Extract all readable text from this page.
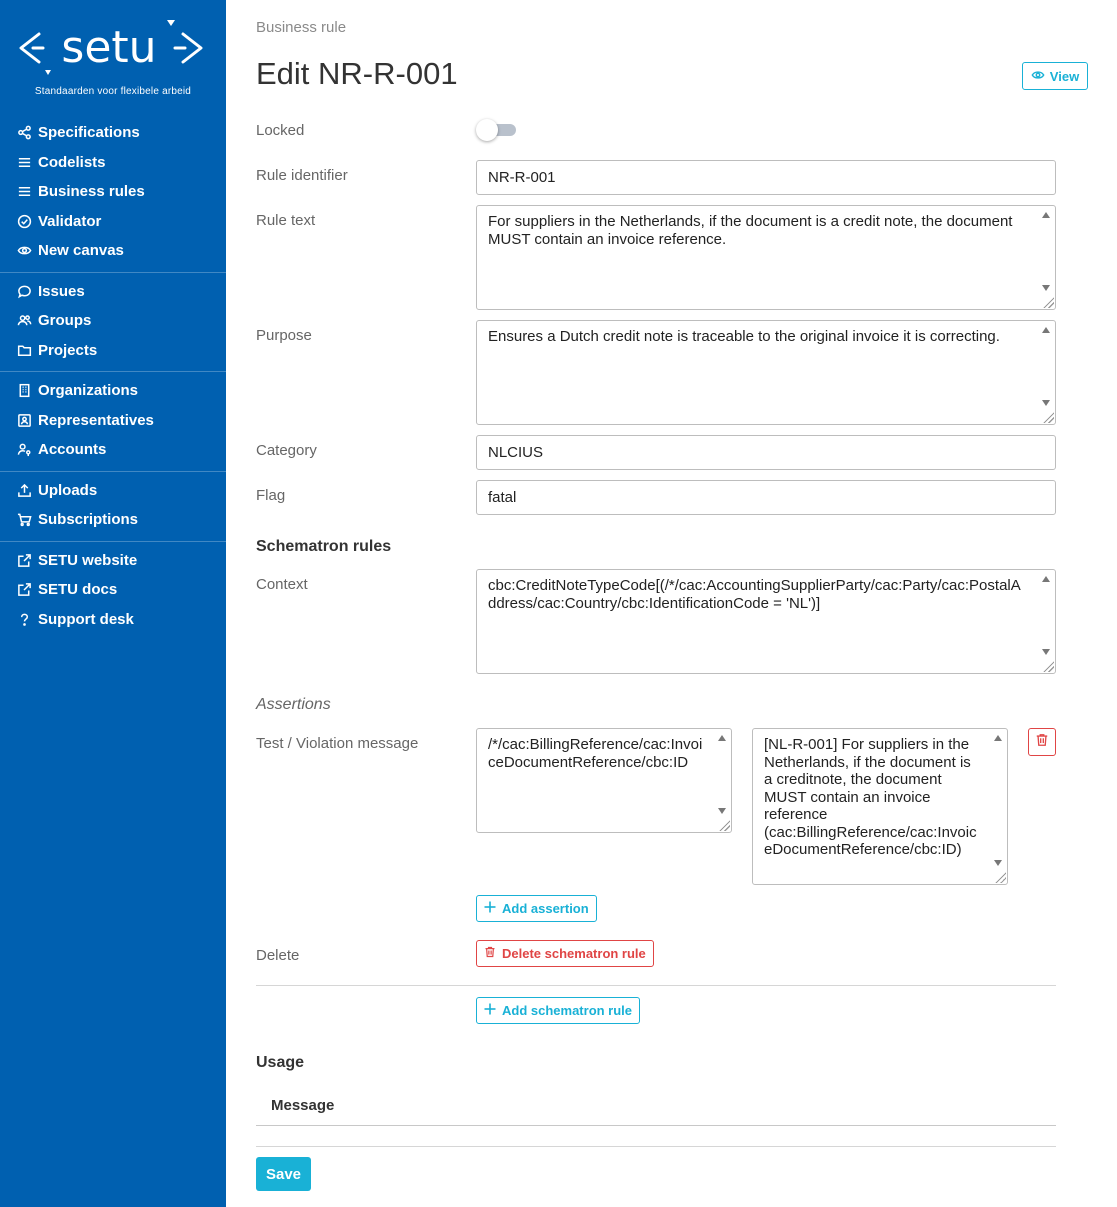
setu
Standaarden voor flexibele arbeid
Specifications
Codelists
Business rules
Validator
New canvas
Issues
Groups
Projects
Organizations
Representatives
Accounts
Uploads
Subscriptions
SETU website
SETU docs
Support desk
View
Business rule
Edit NR-R-001
Locked
Rule identifier	NR-R-001
Rule text	For suppliers in the Netherlands, if the document is a credit note, the document MUST contain an invoice reference.
Purpose	Ensures a Dutch credit note is traceable to the original invoice it is correcting.
Category	NLCIUS
Flag	fatal
Schematron rules
Context	cbc:CreditNoteTypeCode[(/*/cac:AccountingSupplierParty/cac:Party/cac:PostalAddress/cac:Country/cbc:IdentificationCode = 'NL')]
Assertions
Test / Violation message	/*/cac:BillingReference/cac:InvoiceDocumentReference/cbc:ID
[NL-R-001] For suppliers in the Netherlands, if the document is a creditnote, the document MUST contain an invoice reference (cac:BillingReference/cac:InvoiceDocumentReference/cbc:ID)
Add assertion
Delete	Delete schematron rule
Add schematron rule
Usage
Message
Save
